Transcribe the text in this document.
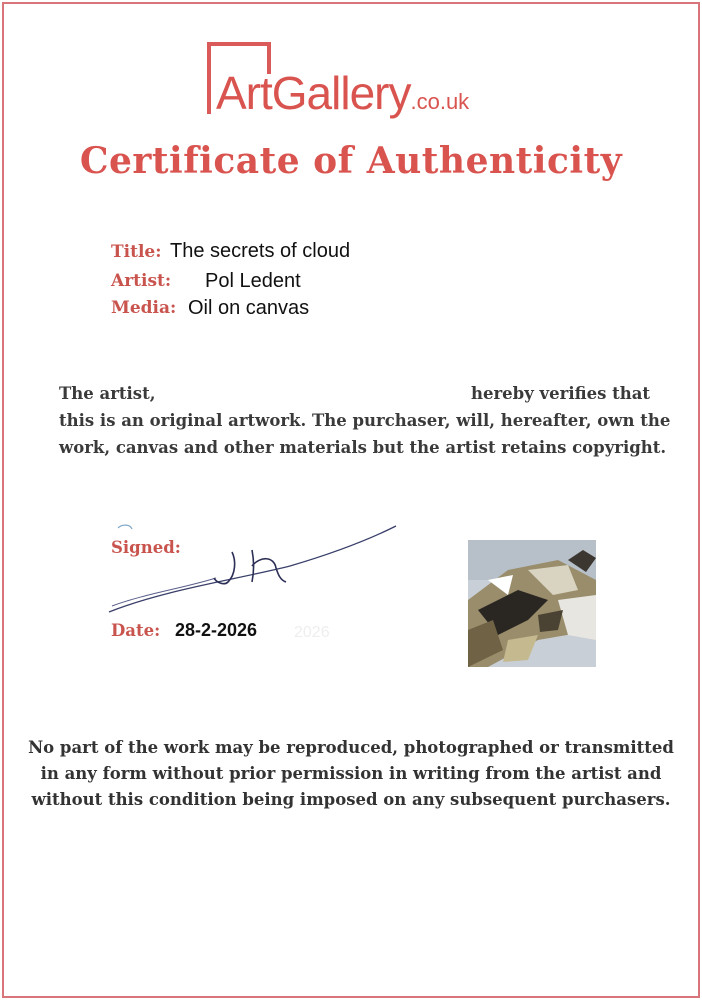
ArtGallery.co.uk
Certificate of Authenticity
Title: The secrets of cloud
Artist: Pol Ledent
Media: Oil on canvas
The artist,	hereby verifies that
this is an original artwork. The purchaser, will, hereafter, own the
work, canvas and other materials but the artist retains copyright.
Signed:
Date: 28-2-2026 2026
No part of the work may be reproduced, photographed or transmitted
in any form without prior permission in writing from the artist and
without this condition being imposed on any subsequent purchasers.
